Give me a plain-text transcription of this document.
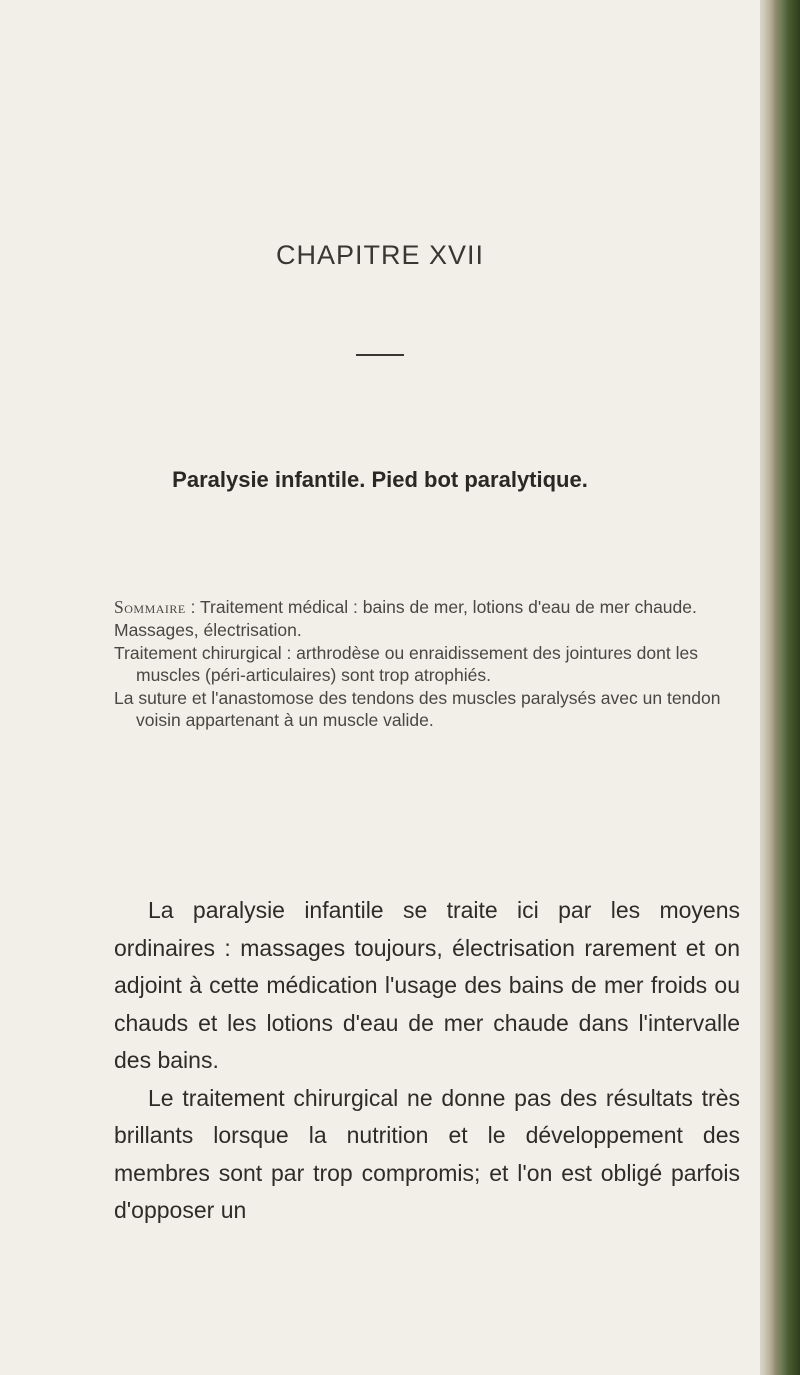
CHAPITRE XVII
Paralysie infantile. Pied bot paralytique.

Sommaire : Traitement médical : bains de mer, lotions d'eau de mer chaude.

Massages, électrisation.

Traitement chirurgical : arthrodèse ou enraidissement des jointures dont les muscles (péri-articulaires) sont trop atrophiés.

La suture et l'anastomose des tendons des muscles paralysés avec un tendon voisin appartenant à un muscle valide.

La paralysie infantile se traite ici par les moyens ordinaires : massages toujours, électrisation rarement et on adjoint à cette médication l'usage des bains de mer froids ou chauds et les lotions d'eau de mer chaude dans l'intervalle des bains.

Le traitement chirurgical ne donne pas des résultats très brillants lorsque la nutrition et le développement des membres sont par trop compromis; et l'on est obligé parfois d'opposer un
